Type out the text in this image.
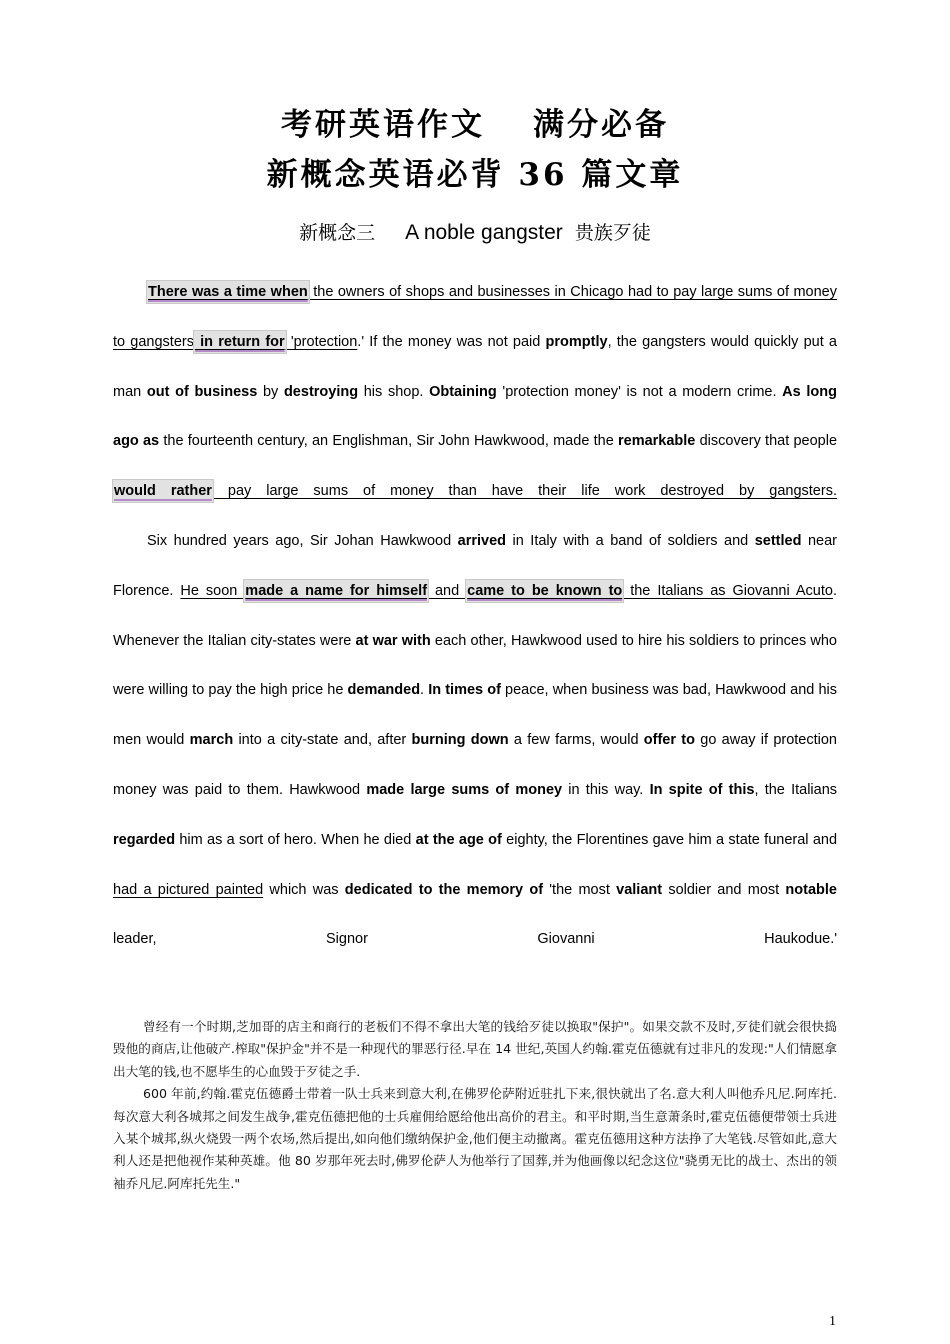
考研英语作文 满分必备
新概念英语必背 36 篇文章
新概念三 A noble gangster 贵族歹徒

There was a time when the owners of shops and businesses in Chicago had to pay large sums of money to gangsters in return for 'protection.' If the money was not paid promptly, the gangsters would quickly put a man out of business by destroying his shop. Obtaining 'protection money' is not a modern crime. As long ago as the fourteenth century, an Englishman, Sir John Hawkwood, made the remarkable discovery that people would rather pay large sums of money than have their life work destroyed by gangsters.

Six hundred years ago, Sir Johan Hawkwood arrived in Italy with a band of soldiers and settled near Florence. He soon made a name for himself and came to be known to the Italians as Giovanni Acuto. Whenever the Italian city-states were at war with each other, Hawkwood used to hire his soldiers to princes who were willing to pay the high price he demanded. In times of peace, when business was bad, Hawkwood and his men would march into a city-state and, after burning down a few farms, would offer to go away if protection money was paid to them. Hawkwood made large sums of money in this way. In spite of this, the Italians regarded him as a sort of hero. When he died at the age of eighty, the Florentines gave him a state funeral and had a pictured painted which was dedicated to the memory of 'the most valiant soldier and most notable leader, Signor Giovanni Haukodue.'

曾经有一个时期,芝加哥的店主和商行的老板们不得不拿出大笔的钱给歹徒以换取"保护"。如果交款不及时,歹徒们就会很快捣毁他的商店,让他破产.榨取"保护金"并不是一种现代的罪恶行径.早在 14 世纪,英国人约翰.霍克伍德就有过非凡的发现:"人们情愿拿出大笔的钱,也不愿毕生的心血毁于歹徒之手.

600 年前,约翰.霍克伍德爵士带着一队士兵来到意大利,在佛罗伦萨附近驻扎下来,很快就出了名.意大利人叫他乔凡尼.阿库托.每次意大利各城邦之间发生战争,霍克伍德把他的士兵雇佣给愿给他出高价的君主。和平时期,当生意萧条时,霍克伍德便带领士兵进入某个城邦,纵火烧毁一两个农场,然后提出,如向他们缴纳保护金,他们便主动撤离。霍克伍德用这种方法挣了大笔钱.尽管如此,意大利人还是把他视作某种英雄。他 80 岁那年死去时,佛罗伦萨人为他举行了国葬,并为他画像以纪念这位"骁勇无比的战士、杰出的领袖乔凡尼.阿库托先生."

1
